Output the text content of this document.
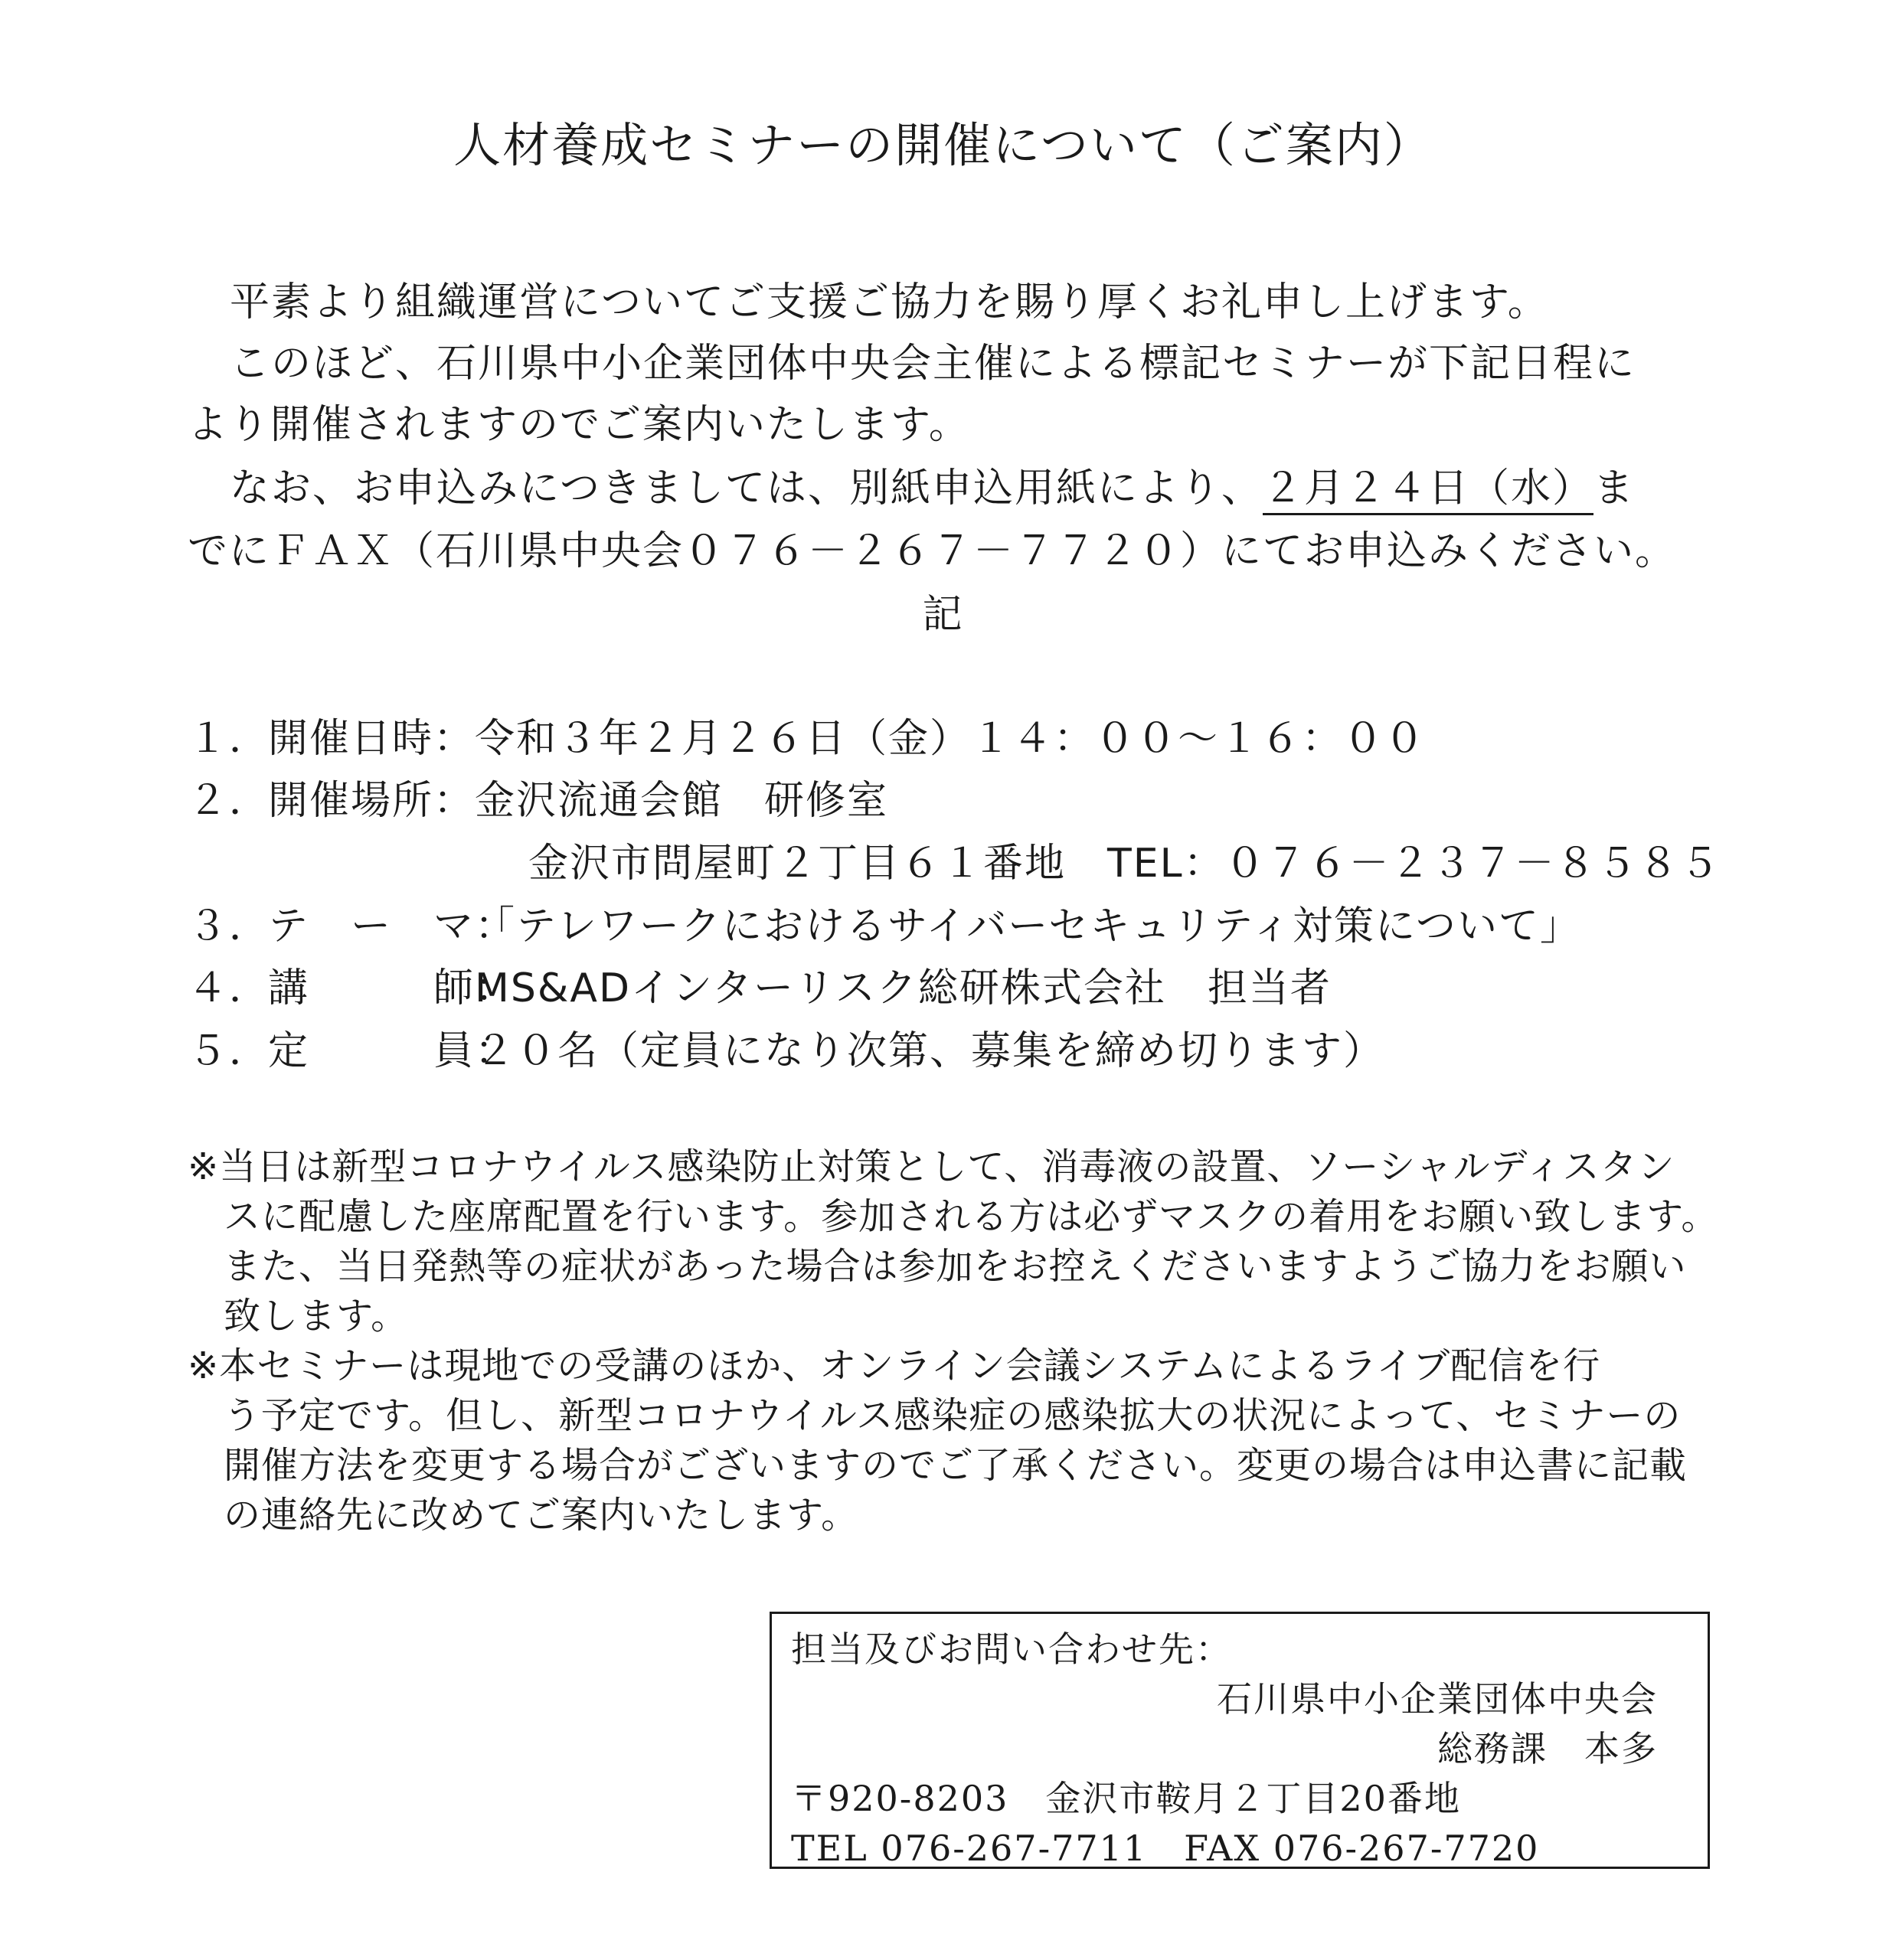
人材養成セミナーの開催について（ご案内）
平素より組織運営についてご支援ご協力を賜り厚くお礼申し上げます。
このほど、石川県中小企業団体中央会主催による標記セミナーが下記日程に
より開催されますのでご案内いたします。
なお、お申込みにつきましては、別紙申込用紙により、２月２４日（水）ま
でにＦＡＸ（石川県中央会０７６－２６７－７７２０）にてお申込みください。
記
１．開催日時：令和３年２月２６日（金）１４：００～１６：００
２．開催場所：金沢流通会館　研修室
金沢市問屋町２丁目６１番地　TEL：０７６－２３７－８５８５
３．テ　ー　マ：「テレワークにおけるサイバーセキュリティ対策について」
４．講　　　師：MS&ADインターリスク総研株式会社　担当者
５．定　　　員：２０名（定員になり次第、募集を締め切ります）
※当日は新型コロナウイルス感染防止対策として、消毒液の設置、ソーシャルディスタン
スに配慮した座席配置を行います。参加される方は必ずマスクの着用をお願い致します。
また、当日発熱等の症状があった場合は参加をお控えくださいますようご協力をお願い
致します。
※本セミナーは現地での受講のほか、オンライン会議システムによるライブ配信を行
う予定です。但し、新型コロナウイルス感染症の感染拡大の状況によって、セミナーの
開催方法を変更する場合がございますのでご了承ください。変更の場合は申込書に記載
の連絡先に改めてご案内いたします。
担当及びお問い合わせ先：
石川県中小企業団体中央会
総務課　本多
〒920-8203　金沢市鞍月２丁目20番地
TEL 076-267-7711　FAX 076-267-7720
